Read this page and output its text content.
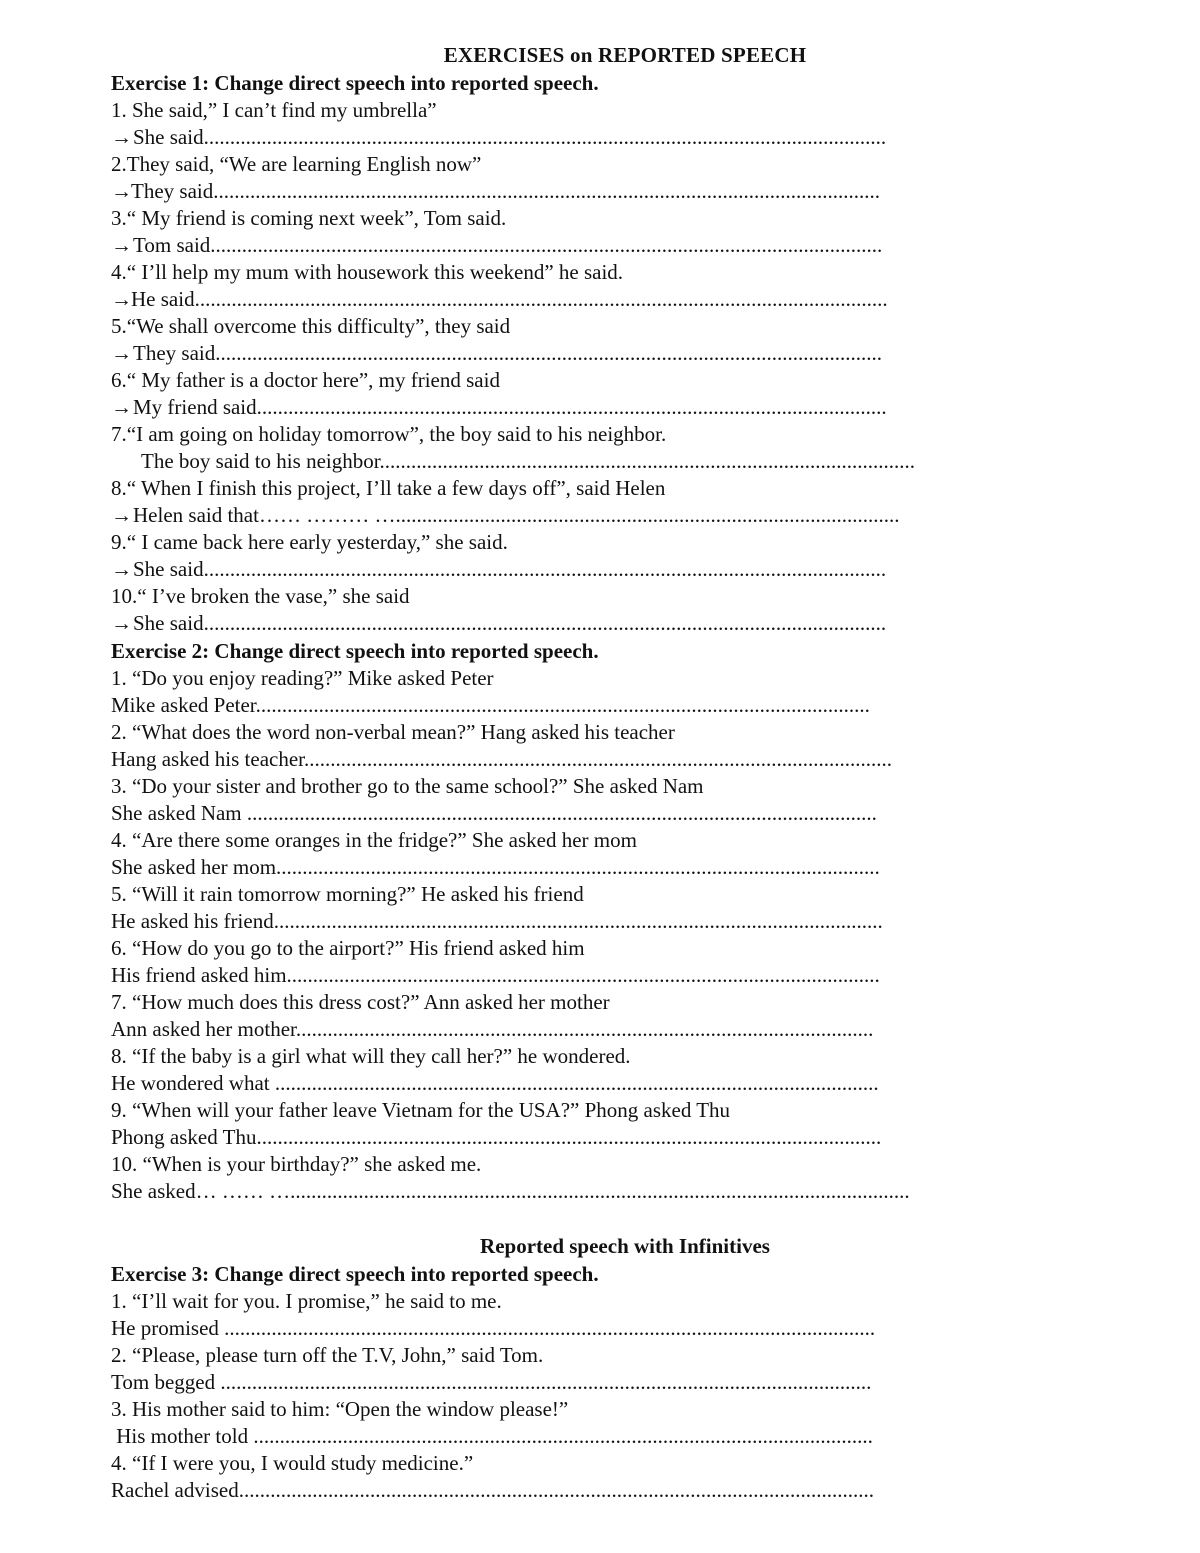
EXERCISES on REPORTED SPEECH
Exercise 1: Change direct speech into reported speech.
1. She said,” I can’t find my umbrella”
→She said..................................................................................................................................
2.They said, “We are learning English now”
→They said...............................................................................................................................
3.“ My friend is coming next week”, Tom said.
→Tom said................................................................................................................................
4.“ I’ll help my mum with housework this weekend” he said.
→He said....................................................................................................................................
5.“We shall overcome this difficulty”, they said
→They said...............................................................................................................................
6.“ My father is a doctor here”, my friend said
→My friend said........................................................................................................................
7.“I am going on holiday tomorrow”, the boy said to his neighbor.
The boy said to his neighbor......................................................................................................
8.“ When I finish this project, I’ll take a few days off”, said Helen
→Helen said that…… ……… …................................................................................................
9.“ I came back here early yesterday,” she said.
→She said..................................................................................................................................
10.“ I’ve broken the vase,” she said
→She said..................................................................................................................................
Exercise 2: Change direct speech into reported speech.
1. “Do you enjoy reading?” Mike asked Peter
Mike asked Peter.....................................................................................................................
2. “What does the word non-verbal mean?” Hang asked his teacher
Hang asked his teacher................................................................................................................
3. “Do your sister and brother go to the same school?” She asked Nam
She asked Nam ........................................................................................................................
4. “Are there some oranges in the fridge?” She asked her mom
She asked her mom...................................................................................................................
5. “Will it rain tomorrow morning?” He asked his friend
He asked his friend....................................................................................................................
6. “How do you go to the airport?” His friend asked him
His friend asked him.................................................................................................................
7. “How much does this dress cost?” Ann asked her mother
Ann asked her mother..............................................................................................................
8. “If the baby is a girl what will they call her?” he wondered.
He wondered what ...................................................................................................................
9. “When will your father leave Vietnam for the USA?” Phong asked Thu
Phong asked Thu.......................................................................................................................
10. “When is your birthday?” she asked me.
She asked… …… …......................................................................................................................
Reported speech with Infinitives
Exercise 3: Change direct speech into reported speech.
1. “I’ll wait for you. I promise,” he said to me.
He promised ............................................................................................................................
2. “Please, please turn off the T.V, John,” said Tom.
Tom begged ............................................................................................................................
3. His mother said to him: “Open the window please!”
His mother told ......................................................................................................................
4. “If I were you, I would study medicine.”
Rachel advised.........................................................................................................................
